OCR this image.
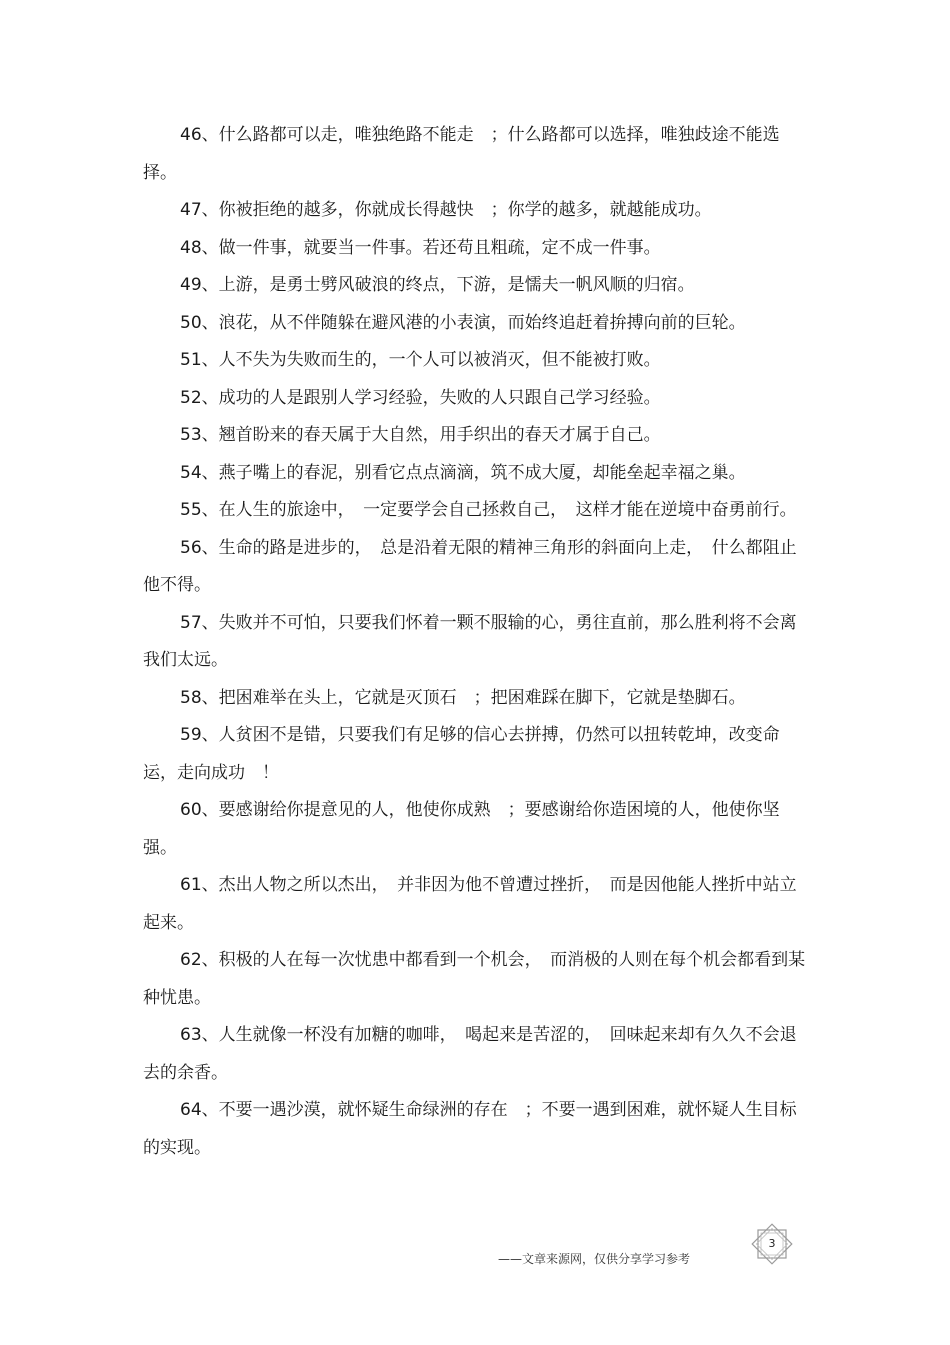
46、什么路都可以走，唯独绝路不能走　；什么路都可以选择，唯独歧途不能选择。

47、你被拒绝的越多，你就成长得越快　；你学的越多，就越能成功。

48、做一件事，就要当一件事。若还苟且粗疏，定不成一件事。

49、上游，是勇士劈风破浪的终点，下游，是懦夫一帆风顺的归宿。

50、浪花，从不伴随躲在避风港的小表演，而始终追赶着拚搏向前的巨轮。

51、人不失为失败而生的，一个人可以被消灭，但不能被打败。

52、成功的人是跟别人学习经验，失败的人只跟自己学习经验。

53、翘首盼来的春天属于大自然，用手织出的春天才属于自己。

54、燕子嘴上的春泥，别看它点点滴滴，筑不成大厦，却能垒起幸福之巢。

55、在人生的旅途中，　一定要学会自己拯救自己，　这样才能在逆境中奋勇前行。

56、生命的路是进步的，　总是沿着无限的精神三角形的斜面向上走，　什么都阻止他不得。

57、失败并不可怕，只要我们怀着一颗不服输的心，勇往直前，那么胜利将不会离我们太远。

58、把困难举在头上，它就是灭顶石　；把困难踩在脚下，它就是垫脚石。

59、人贫困不是错，只要我们有足够的信心去拼搏，仍然可以扭转乾坤，改变命运，走向成功　！

60、要感谢给你提意见的人，他使你成熟　；要感谢给你造困境的人，他使你坚强。

61、杰出人物之所以杰出，　并非因为他不曾遭过挫折，　而是因他能人挫折中站立起来。

62、积极的人在每一次忧患中都看到一个机会，　而消极的人则在每个机会都看到某种忧患。

63、人生就像一杯没有加糖的咖啡，　喝起来是苦涩的，　回味起来却有久久不会退去的余香。

64、不要一遇沙漠，就怀疑生命绿洲的存在　；不要一遇到困难，就怀疑人生目标的实现。

3
——文章来源网，仅供分享学习参考
